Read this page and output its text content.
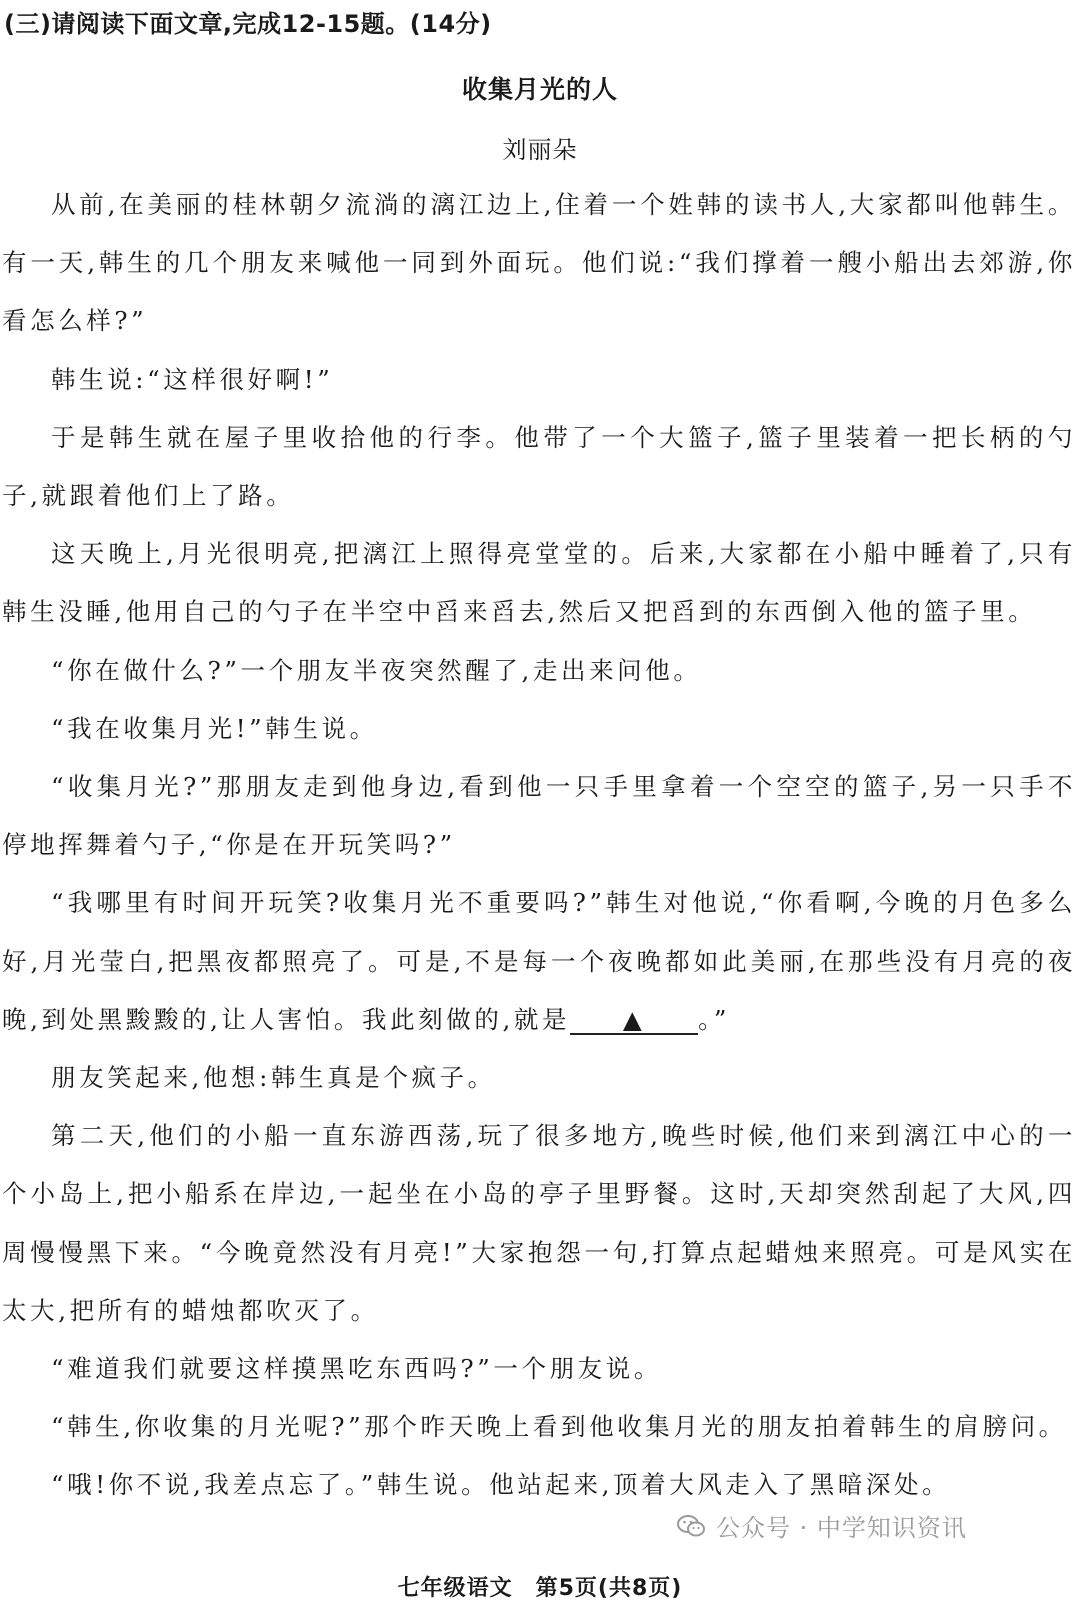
(三)请阅读下面文章,完成12-15题。(14分)
收集月光的人
刘丽朵

从前,在美丽的桂林朝夕流淌的漓江边上,住着一个姓韩的读书人,大家都叫他韩生。有一天,韩生的几个朋友来喊他一同到外面玩。他们说:“我们撑着一艘小船出去郊游,你看怎么样?”

韩生说:“这样很好啊!”

于是韩生就在屋子里收拾他的行李。他带了一个大篮子,篮子里装着一把长柄的勺子,就跟着他们上了路。

这天晚上,月光很明亮,把漓江上照得亮堂堂的。后来,大家都在小船中睡着了,只有韩生没睡,他用自己的勺子在半空中舀来舀去,然后又把舀到的东西倒入他的篮子里。

“你在做什么?”一个朋友半夜突然醒了,走出来问他。

“我在收集月光!”韩生说。

“收集月光?”那朋友走到他身边,看到他一只手里拿着一个空空的篮子,另一只手不停地挥舞着勺子,“你是在开玩笑吗?”

“我哪里有时间开玩笑?收集月光不重要吗?”韩生对他说,“你看啊,今晚的月色多么好,月光莹白,把黑夜都照亮了。可是,不是每一个夜晚都如此美丽,在那些没有月亮的夜晚,到处黑黢黢的,让人害怕。我此刻做的,就是 ▲ 。”

朋友笑起来,他想:韩生真是个疯子。

第二天,他们的小船一直东游西荡,玩了很多地方,晚些时候,他们来到漓江中心的一个小岛上,把小船系在岸边,一起坐在小岛的亭子里野餐。这时,天却突然刮起了大风,四周慢慢黑下来。“今晚竟然没有月亮!”大家抱怨一句,打算点起蜡烛来照亮。可是风实在太大,把所有的蜡烛都吹灭了。

“难道我们就要这样摸黑吃东西吗?”一个朋友说。

“韩生,你收集的月光呢?”那个昨天晚上看到他收集月光的朋友拍着韩生的肩膀问。

“哦!你不说,我差点忘了。”韩生说。他站起来,顶着大风走入了黑暗深处。

公众号 · 中学知识资讯
七年级语文　第5页(共8页)
